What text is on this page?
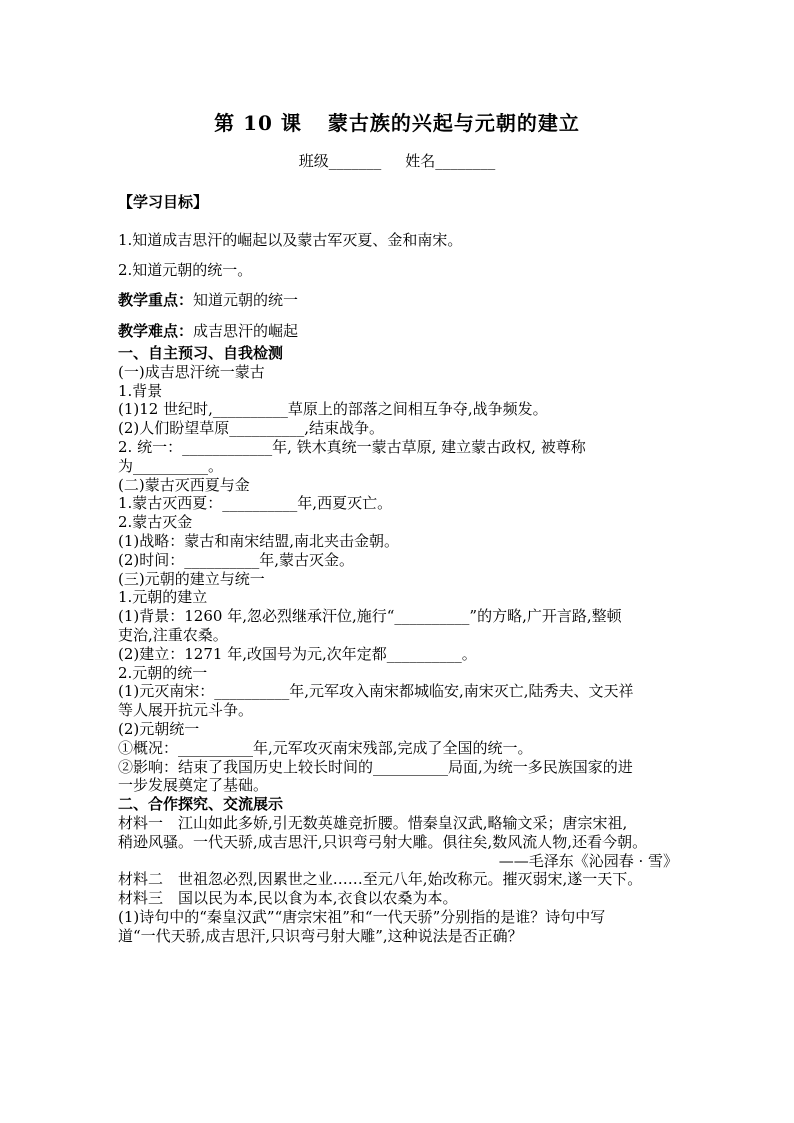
第 10 课 蒙古族的兴起与元朝的建立
班级_______ 姓名________
【学习目标】
1.知道成吉思汗的崛起以及蒙古军灭夏、金和南宋。
2.知道元朝的统一。
教学重点：知道元朝的统一
教学难点：成吉思汗的崛起

一、自主预习、自我检测

(一)成吉思汗统一蒙古

1.背景

(1)12 世纪时,__________草原上的部落之间相互争夺,战争频发。

(2)人们盼望草原__________,结束战争。

2. 统一：____________年, 铁木真统一蒙古草原, 建立蒙古政权, 被尊称

为__________。

(二)蒙古灭西夏与金

1.蒙古灭西夏：__________年,西夏灭亡。

2.蒙古灭金

(1)战略：蒙古和南宋结盟,南北夹击金朝。

(2)时间：__________年,蒙古灭金。

(三)元朝的建立与统一

1.元朝的建立

(1)背景：1260 年,忽必烈继承汗位,施行“__________”的方略,广开言路,整顿

吏治,注重农桑。

(2)建立：1271 年,改国号为元,次年定都__________。

2.元朝的统一

(1)元灭南宋：__________年,元军攻入南宋都城临安,南宋灭亡,陆秀夫、文天祥

等人展开抗元斗争。

(2)元朝统一

①概况：__________年,元军攻灭南宋残部,完成了全国的统一。

②影响：结束了我国历史上较长时间的__________局面,为统一多民族国家的进

一步发展奠定了基础。

二、合作探究、交流展示

材料一　江山如此多娇,引无数英雄竞折腰。惜秦皇汉武,略输文采；唐宗宋祖,

稍逊风骚。一代天骄,成吉思汗,只识弯弓射大雕。俱往矣,数风流人物,还看今朝。

——毛泽东《沁园春 · 雪》

材料二　世祖忽必烈,因累世之业……至元八年,始改称元。摧灭弱宋,遂一天下。

材料三　国以民为本,民以食为本,衣食以农桑为本。

(1)诗句中的“秦皇汉武”“唐宗宋祖”和“一代天骄”分别指的是谁？诗句中写

道“一代天骄,成吉思汗,只识弯弓射大雕”,这种说法是否正确？
